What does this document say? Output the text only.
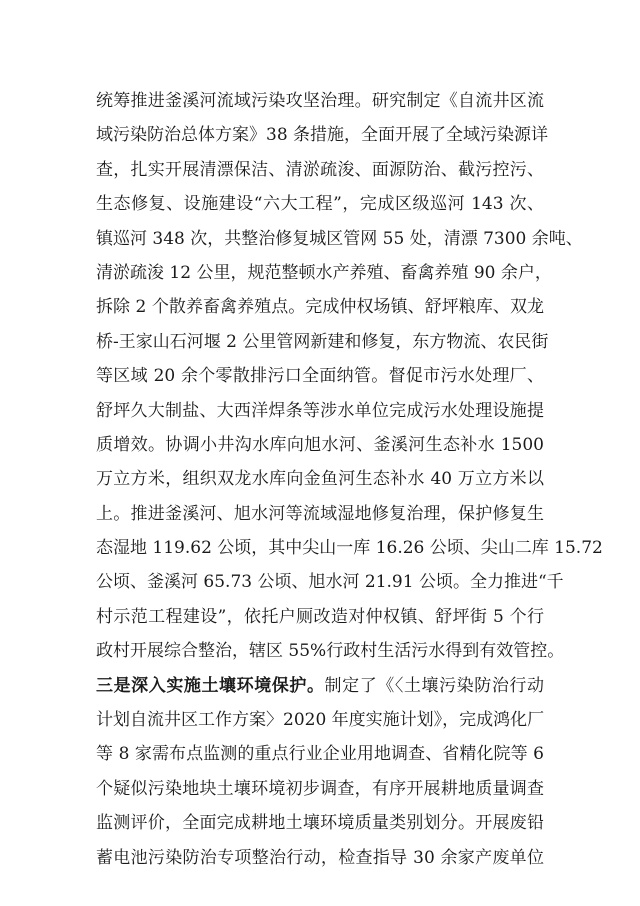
统筹推进釜溪河流域污染攻坚治理。研究制定《自流井区流
域污染防治总体方案》38 条措施，全面开展了全域污染源详
查，扎实开展清漂保洁、清淤疏浚、面源防治、截污控污、
生态修复、设施建设“六大工程”，完成区级巡河 143 次、
镇巡河 348 次，共整治修复城区管网 55 处，清漂 7300 余吨、
清淤疏浚 12 公里，规范整顿水产养殖、畜禽养殖 90 余户，
拆除 2 个散养畜禽养殖点。完成仲权场镇、舒坪粮库、双龙
桥-王家山石河堰 2 公里管网新建和修复，东方物流、农民街
等区域 20 余个零散排污口全面纳管。督促市污水处理厂、
舒坪久大制盐、大西洋焊条等涉水单位完成污水处理设施提
质增效。协调小井沟水库向旭水河、釜溪河生态补水 1500
万立方米，组织双龙水库向金鱼河生态补水 40 万立方米以
上。推进釜溪河、旭水河等流域湿地修复治理，保护修复生
态湿地 119.62 公顷，其中尖山一库 16.26 公顷、尖山二库 15.72
公顷、釜溪河 65.73 公顷、旭水河 21.91 公顷。全力推进“千
村示范工程建设”，依托户厕改造对仲权镇、舒坪街 5 个行
政村开展综合整治，辖区 55%行政村生活污水得到有效管控。
三是深入实施土壤环境保护。制定了《〈土壤污染防治行动
计划自流井区工作方案〉2020 年度实施计划》，完成鸿化厂
等 8 家需布点监测的重点行业企业用地调查、省精化院等 6
个疑似污染地块土壤环境初步调查，有序开展耕地质量调查
监测评价，全面完成耕地土壤环境质量类别划分。开展废铅
蓄电池污染防治专项整治行动，检查指导 30 余家产废单位
